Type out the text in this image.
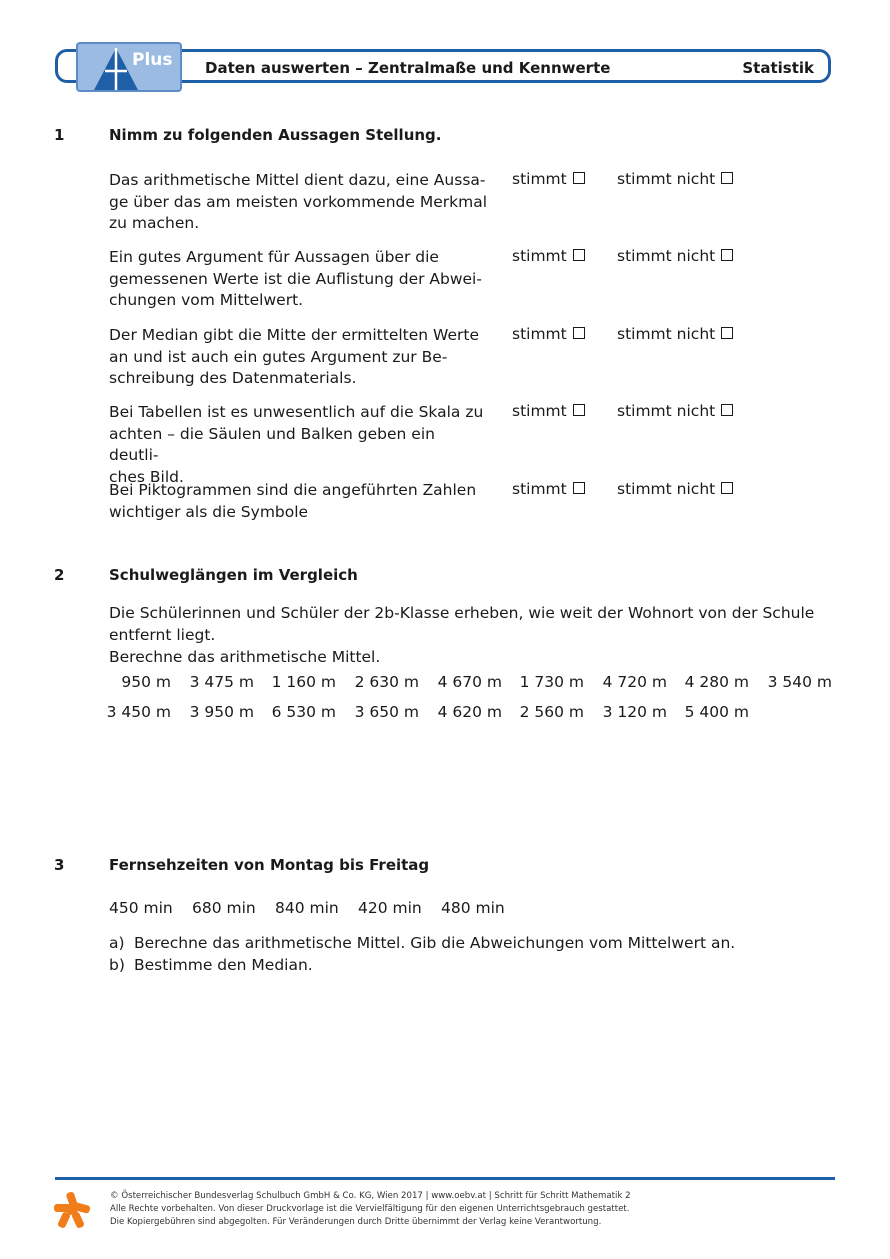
Plus Daten auswerten – Zentralmaße und Kennwerte	Statistik
1	Nimm zu folgenden Aussagen Stellung.
Das arithmetische Mittel dient dazu, eine Aussa-
ge über das am meisten vorkommende Merkmal
zu machen.
stimmt	stimmt nicht
Ein gutes Argument für Aussagen über die
gemessenen Werte ist die Auflistung der Abwei-
chungen vom Mittelwert.
stimmt	stimmt nicht
Der Median gibt die Mitte der ermittelten Werte
an und ist auch ein gutes Argument zur Be-
schreibung des Datenmaterials.
stimmt	stimmt nicht
Bei Tabellen ist es unwesentlich auf die Skala zu
achten – die Säulen und Balken geben ein deutli-
ches Bild.
stimmt	stimmt nicht
Bei Piktogrammen sind die angeführten Zahlen
wichtiger als die Symbole
stimmt	stimmt nicht
2	Schulweglängen im Vergleich
Die Schülerinnen und Schüler der 2b-Klasse erheben, wie weit der Wohnort von der Schule
entfernt liegt.
Berechne das arithmetische Mittel.
950 m	3 475 m	1 160 m	2 630 m	4 670 m	1 730 m	4 720 m	4 280 m	3 540 m
3 450 m	3 950 m	6 530 m	3 650 m	4 620 m	2 560 m	3 120 m	5 400 m
3	Fernsehzeiten von Montag bis Freitag
450 min 680 min 840 min 420 min 480 min
a) Berechne das arithmetische Mittel. Gib die Abweichungen vom Mittelwert an.
b) Bestimme den Median.
© Österreichischer Bundesverlag Schulbuch GmbH & Co. KG, Wien 2017 | www.oebv.at | Schritt für Schritt Mathematik 2
Alle Rechte vorbehalten. Von dieser Druckvorlage ist die Vervielfältigung für den eigenen Unterrichtsgebrauch gestattet.
Die Kopiergebühren sind abgegolten. Für Veränderungen durch Dritte übernimmt der Verlag keine Verantwortung.
